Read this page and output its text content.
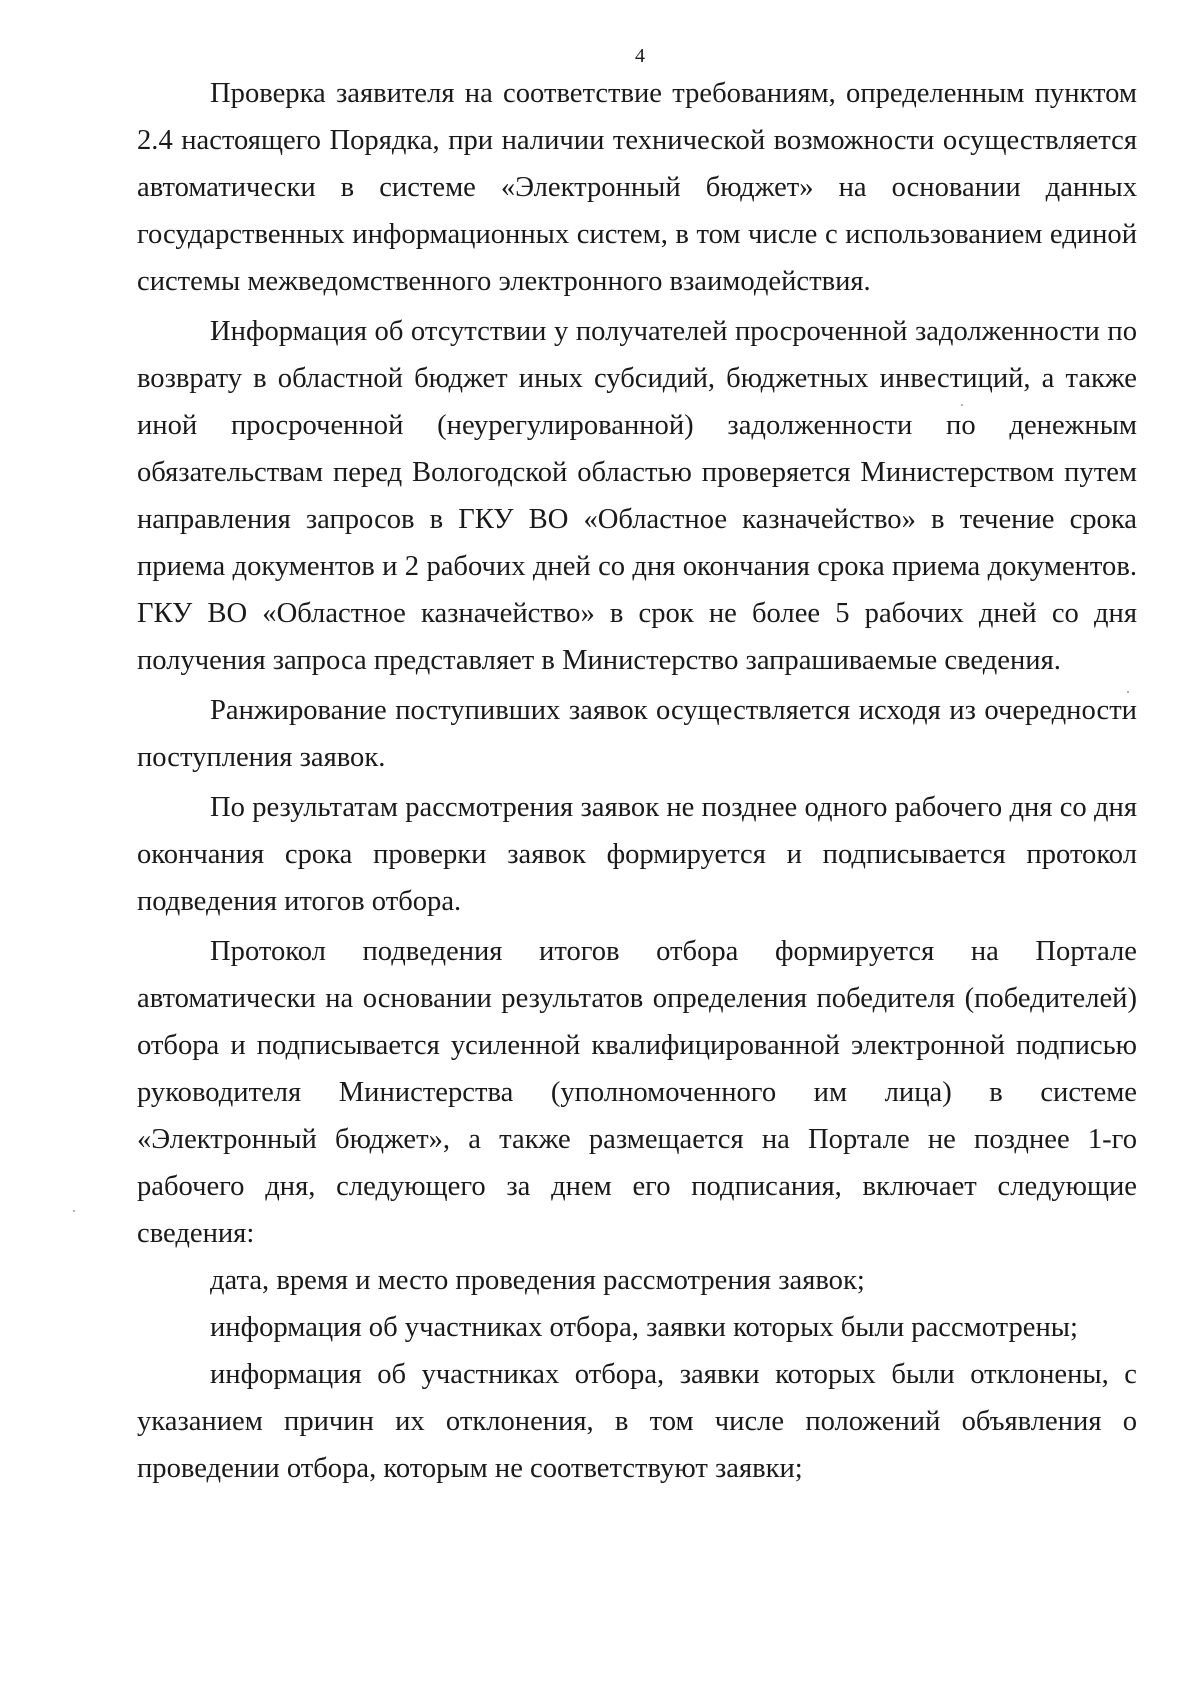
4

Проверка заявителя на соответствие требованиям, определенным пунктом 2.4 настоящего Порядка, при наличии технической возможности осуществляется автоматически в системе «Электронный бюджет» на основании данных государственных информационных систем, в том числе с использованием единой системы межведомственного электронного взаимодействия.

Информация об отсутствии у получателей просроченной задолженности по возврату в областной бюджет иных субсидий, бюджетных инвестиций, а также иной просроченной (неурегулированной) задолженности по денежным обязательствам перед Вологодской областью проверяется Министерством путем направления запросов в ГКУ ВО «Областное казначейство» в течение срока приема документов и 2 рабочих дней со дня окончания срока приема документов. ГКУ ВО «Областное казначейство» в срок не более 5 рабочих дней со дня получения запроса представляет в Министерство запрашиваемые сведения.

Ранжирование поступивших заявок осуществляется исходя из очередности поступления заявок.

По результатам рассмотрения заявок не позднее одного рабочего дня со дня окончания срока проверки заявок формируется и подписывается протокол подведения итогов отбора.

Протокол подведения итогов отбора формируется на Портале автоматически на основании результатов определения победителя (победителей) отбора и подписывается усиленной квалифицированной электронной подписью руководителя Министерства (уполномоченного им лица) в системе «Электронный бюджет», а также размещается на Портале не позднее 1-го рабочего дня, следующего за днем его подписания, включает следующие сведения:

дата, время и место проведения рассмотрения заявок;

информация об участниках отбора, заявки которых были рассмотрены;

информация об участниках отбора, заявки которых были отклонены, с указанием причин их отклонения, в том числе положений объявления о проведении отбора, которым не соответствуют заявки;
